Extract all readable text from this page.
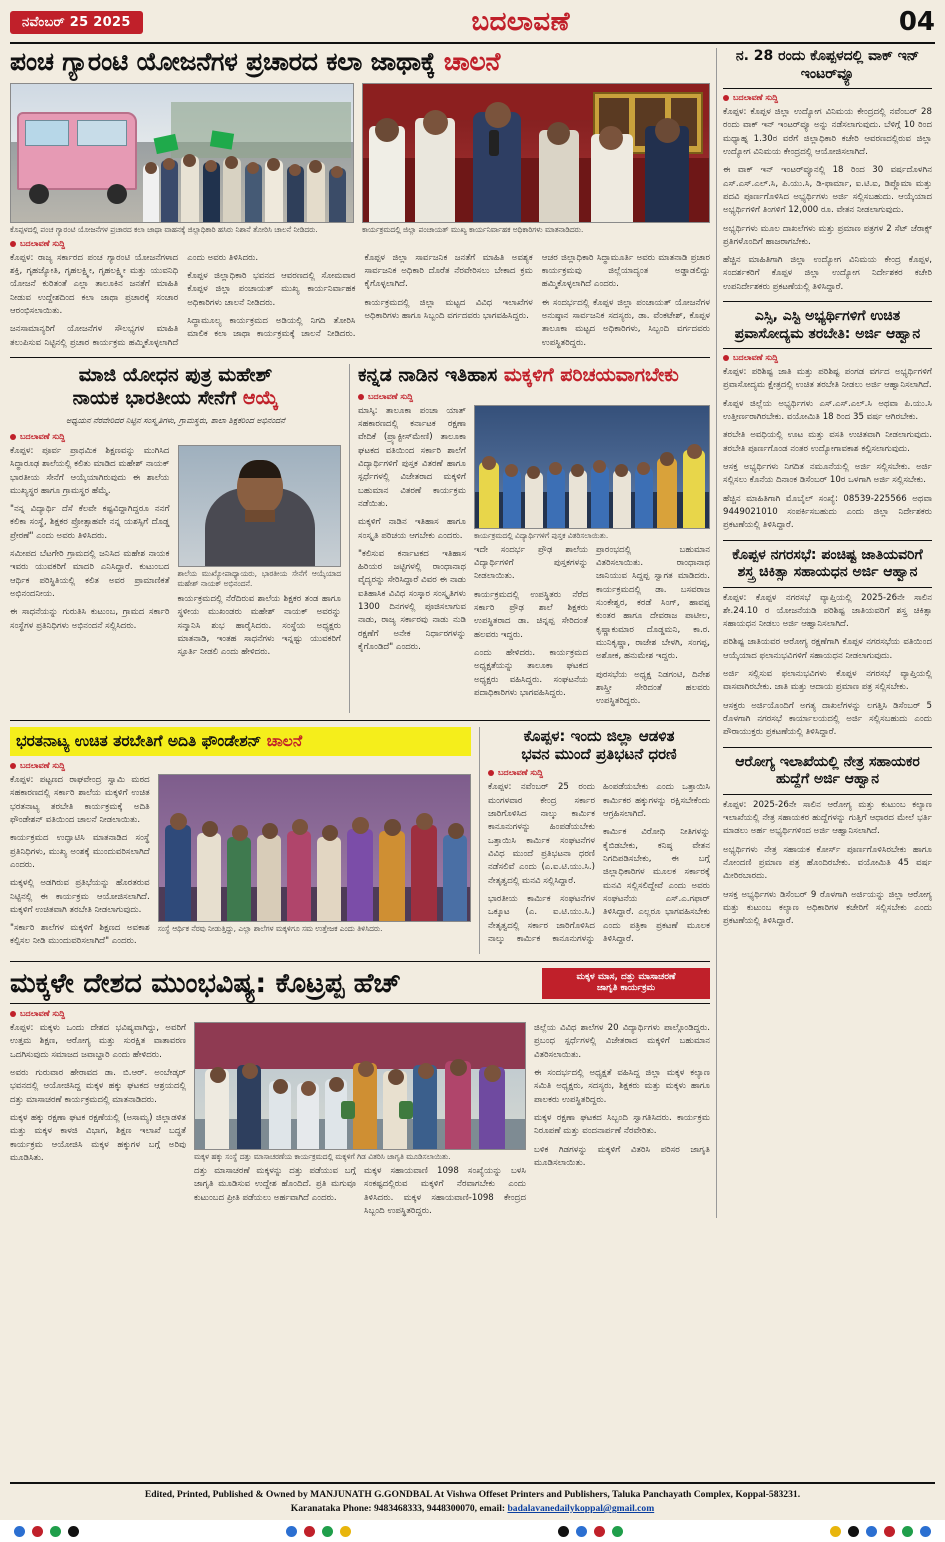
ನವೆಂಬರ್ 25 2025	ಬದಲಾವಣೆ	04
ಪಂಚ ಗ್ಯಾರಂಟಿ ಯೋಜನೆಗಳ ಪ್ರಚಾರದ ಕಲಾ ಜಾಥಾಕ್ಕೆ ಚಾಲನೆ

ಕೊಪ್ಪಳದಲ್ಲಿ ಪಂಚ ಗ್ಯಾರಂಟಿ ಯೋಜನೆಗಳ ಪ್ರಚಾರದ ಕಲಾ ಜಾಥಾ ವಾಹನಕ್ಕೆ ಜಿಲ್ಲಾಧಿಕಾರಿ ಹಸಿರು ನಿಶಾನೆ ತೋರಿಸಿ ಚಾಲನೆ ನೀಡಿದರು.	ಕಾರ್ಯಕ್ರಮದಲ್ಲಿ ಜಿಲ್ಲಾ ಪಂಚಾಯತ್ ಮುಖ್ಯ ಕಾರ್ಯನಿರ್ವಾಹಕ ಅಧಿಕಾರಿಗಳು ಮಾತನಾಡಿದರು.

ಬದಲಾವಣೆ ಸುದ್ದಿ

ಕೊಪ್ಪಳ: ರಾಜ್ಯ ಸರ್ಕಾರದ ಪಂಚ ಗ್ಯಾರಂಟಿ ಯೋಜನೆಗಳಾದ ಶಕ್ತಿ, ಗೃಹಜ್ಯೋತಿ, ಗೃಹಲಕ್ಷ್ಮೀ, ಗೃಹಲಕ್ಷ್ಮೀ ಮತ್ತು ಯುವನಿಧಿ ಯೋಜನೆ ಕುರಿತಂತೆ ಎಲ್ಲಾ ತಾಲೂಕಿನ ಜನತೆಗೆ ಮಾಹಿತಿ ನೀಡುವ ಉದ್ದೇಶದಿಂದ ಕಲಾ ಜಾಥಾ ಪ್ರಚಾರಕ್ಕೆ ಸಂಚಾರ ಆರಂಭಿಸಲಾಯಿತು.

ಜನಸಾಮಾನ್ಯರಿಗೆ ಯೋಜನೆಗಳ ಸೌಲಭ್ಯಗಳ ಮಾಹಿತಿ ತಲುಪಿಸುವ ನಿಟ್ಟಿನಲ್ಲಿ ಪ್ರಚಾರ ಕಾರ್ಯಕ್ರಮ ಹಮ್ಮಿಕೊಳ್ಳಲಾಗಿದೆ ಎಂದು ಅವರು ತಿಳಿಸಿದರು.

ಕೊಪ್ಪಳ ಜಿಲ್ಲಾಧಿಕಾರಿ ಭವನದ ಆವರಣದಲ್ಲಿ ಸೋಮವಾರ ಕೊಪ್ಪಳ ಜಿಲ್ಲಾ ಪಂಚಾಯತ್ ಮುಖ್ಯ ಕಾರ್ಯನಿರ್ವಾಹಕ ಅಧಿಕಾರಿಗಳು ಚಾಲನೆ ನೀಡಿದರು.

ಸಿದ್ಧಾಮೂಲ್ಯ ಕಾರ್ಯಕ್ರಮದ ಅಡಿಯಲ್ಲಿ ನಿಗದಿ ತೋರಿಸಿ ಮಾಲಿಕ ಕಲಾ ಜಾಥಾ ಕಾರ್ಯಕ್ರಮಕ್ಕೆ ಚಾಲನೆ ನೀಡಿದರು. ಕೊಪ್ಪಳ ಜಿಲ್ಲಾ ಸಾರ್ವಜನಿಕ ಜನತೆಗೆ ಮಾಹಿತಿ ಅವಶ್ಯಕ ಸಾರ್ವಜನಿಕ ಅಧಿಕಾರಿ ದೊರೆತ ನೆರವೇರಿಸಲು ಬೇಕಾದ ಕ್ರಮ ಕೈಗೊಳ್ಳಲಾಗಿದೆ.

ಕಾರ್ಯಕ್ರಮದಲ್ಲಿ ಜಿಲ್ಲಾ ಮಟ್ಟದ ವಿವಿಧ ಇಲಾಖೆಗಳ ಅಧಿಕಾರಿಗಳು ಹಾಗೂ ಸಿಬ್ಬಂದಿ ವರ್ಗದವರು ಭಾಗವಹಿಸಿದ್ದರು.

ಆಚರ ಜಿಲ್ಲಾಧಿಕಾರಿ ಸಿದ್ಧಾಮೂರ್ತಿ ಅವರು ಮಾತನಾಡಿ ಪ್ರಚಾರ ಕಾರ್ಯಕ್ರಮವು ಜಿಲ್ಲೆಯಾದ್ಯಂತ ಅಡ್ಡಾಡಲಿದ್ದು ಹಮ್ಮಿಕೊಳ್ಳಲಾಗಿದೆ ಎಂದರು.

ಈ ಸಂದರ್ಭದಲ್ಲಿ ಕೊಪ್ಪಳ ಜಿಲ್ಲಾ ಪಂಚಾಯತ್ ಯೋಜನೆಗಳ ಅನುಷ್ಠಾನ ಸಾರ್ವಜನಿಕ ಸದಸ್ಯರು, ಡಾ. ವೆಂಕಟೇಶ್, ಕೊಪ್ಪಳ ತಾಲೂಕಾ ಮಟ್ಟದ ಅಧಿಕಾರಿಗಳು, ಸಿಬ್ಬಂದಿ ವರ್ಗದವರು ಉಪಸ್ಥಿತರಿದ್ದರು.

ಮಾಜಿ ಯೋಧನ ಪುತ್ರ ಮಹೇಶ್
ನಾಯಕ ಭಾರತೀಯ ಸೇನೆಗೆ ಆಯ್ಕೆ

ಅಧ್ಯಯನ ನೆರವೇರಿದರ ನಿಟ್ಟಿನ ಸಂಸ್ಕೃತಿಗಳು, ಗ್ರಾಮಸ್ಥರು, ಶಾಲಾ ಶಿಕ್ಷಕರಿಂದ ಅಭಿನಂದನೆ

ಬದಲಾವಣೆ ಸುದ್ದಿ

ಕೊಪ್ಪಳ: ಪೂರ್ವ ಪ್ರಾಥಮಿಕ ಶಿಕ್ಷಣವನ್ನು ಮುಗಿಸಿದ ಸಿದ್ಧಾರೂಢ ಶಾಲೆಯಲ್ಲಿ ಕಲಿತು ಮಾಡಿದ ಮಹೇಶ್ ನಾಯಕ್ ಭಾರತೀಯ ಸೇನೆಗೆ ಆಯ್ಕೆಯಾಗಿರುವುದು ಈ ಶಾಲೆಯ ಮುಖ್ಯಸ್ಥರ ಹಾಗೂ ಗ್ರಾಮಸ್ಥರ ಹೆಮ್ಮೆ.

"ನನ್ನ ವಿದ್ಯಾರ್ಥಿ ದೆಸೆ ಕೆಲವೇ ಕಷ್ಟವಿದ್ದಾಗಿದ್ದರೂ ನನಗೆ ಕಲಿಕಾ ಸಂಸ್ಥೆ, ಶಿಕ್ಷಕರ ಪ್ರೋತ್ಸಾಹವೇ ನನ್ನ ಯಶಸ್ಸಿಗೆ ದೊಡ್ಡ ಪ್ರೇರಣೆ" ಎಂದು ಅವರು ತಿಳಿಸಿದರು.

ಸಮೀಪದ ಬೆಟಗೇರಿ ಗ್ರಾಮದಲ್ಲಿ ಜನಿಸಿದ ಮಹೇಶ ನಾಯಕ ಇವರು ಯುವಕರಿಗೆ ಮಾದರಿ ಎನಿಸಿದ್ದಾರೆ. ಕುಟುಂಬದ ಆರ್ಥಿಕ ಪರಿಸ್ಥಿತಿಯಲ್ಲಿ ಕಲಿತ ಅವರ ಪ್ರಾಮಾಣಿಕತೆ ಅಭಿನಂದನೀಯ.

ಈ ಸಾಧನೆಯನ್ನು ಗುರುತಿಸಿ ಕುಟುಂಬ, ಗ್ರಾಮದ ಸರ್ಕಾರಿ ಸಂಸ್ಥೆಗಳ ಪ್ರತಿನಿಧಿಗಳು ಅಭಿನಂದನೆ ಸಲ್ಲಿಸಿದರು.

ಶಾಲೆಯ ಮುಖ್ಯೋಪಾಧ್ಯಾಯರು, ಭಾರತೀಯ ಸೇನೆಗೆ ಆಯ್ಕೆಯಾದ ಮಹೇಶ್ ನಾಯಕ್ ಅಭಿನಂದನೆ.

ಕಾರ್ಯಕ್ರಮದಲ್ಲಿ ನೆರೆದಿರುವ ಶಾಲೆಯ ಶಿಕ್ಷಕರ ತಂಡ ಹಾಗೂ ಸ್ಥಳೀಯ ಮುಖಂಡರು ಮಹೇಶ್ ನಾಯಕ್ ಅವರನ್ನು ಸನ್ಮಾನಿಸಿ ಶುಭ ಹಾರೈಸಿದರು. ಸಂಸ್ಥೆಯ ಅಧ್ಯಕ್ಷರು ಮಾತನಾಡಿ, ಇಂತಹ ಸಾಧನೆಗಳು ಇನ್ನಷ್ಟು ಯುವಕರಿಗೆ ಸ್ಫೂರ್ತಿ ನೀಡಲಿ ಎಂದು ಹೇಳಿದರು.

ಕನ್ನಡ ನಾಡಿನ ಇತಿಹಾಸ ಮಕ್ಕಳಿಗೆ ಪರಿಚಯವಾಗಬೇಕು
ಬದಲಾವಣೆ ಸುದ್ದಿ

ಮಾಸ್ಕಿ: ತಾಲೂಕಾ ಪಂಚಾ ಯಾತ್ ಸಹಕಾರಣದಲ್ಲಿ ಕರ್ನಾಟಕ ರಕ್ಷಣಾ ವೇದಿಕೆ (ಪ್ರ್ಯಾಕ್ಟೀಸ್‌ಮೇಣಿ) ತಾಲೂಕಾ ಘಟಕದ ವತಿಯಿಂದ ಸರ್ಕಾರಿ ಶಾಲೆಗೆ ವಿದ್ಯಾರ್ಥಿಗಳಿಗೆ ಪುಸ್ತಕ ವಿತರಣೆ ಹಾಗೂ ಸ್ಪರ್ಧೆಗಳಲ್ಲಿ ವಿಜೇತರಾದ ಮಕ್ಕಳಿಗೆ ಬಹುಮಾನ ವಿತರಣೆ ಕಾರ್ಯಕ್ರಮ ನಡೆಯಿತು.

ಮಕ್ಕಳಿಗೆ ನಾಡಿನ ಇತಿಹಾಸ ಹಾಗೂ ಸಂಸ್ಕೃತಿ ಪರಿಚಯ ಆಗಬೇಕು ಎಂದರು.

"ಕಲಿಸುವ ಕರ್ನಾಟಕದ ಇತಿಹಾಸ ಹಿರಿಯರ ಜಟ್ಟಿಗಳಲ್ಲಿ ರಾಂಧಾನಾಥ ವೈದ್ಯರನ್ನು ಸೇರಿಸಿದ್ದಾರೆ ವಿವರ ಈ ನಾಡು ಐತಿಹಾಸಿಕ ವಿವಿಧ ಸಂಸ್ಕಾರ ಸಂಸ್ಕೃತಿಗಳು 1300 ದಿನಗಳಲ್ಲಿ ಪೂಜಿಸಲಾಗುವ ನಾಡು, ರಾಜ್ಯ ಸರ್ಕಾರವು ನಾಡು ನುಡಿ ರಕ್ಷಣೆಗೆ ಅನೇಕ ನಿರ್ಧಾರಗಳನ್ನು ಕೈಗೊಂಡಿದೆ" ಎಂದರು.

ಕಾರ್ಯಕ್ರಮದಲ್ಲಿ ವಿದ್ಯಾರ್ಥಿಗಳಿಗೆ ಪುಸ್ತಕ ವಿತರಿಸಲಾಯಿತು.

ಇದೇ ಸಂದರ್ಭ ಪ್ರೌಢ ಶಾಲೆಯ ವಿದ್ಯಾರ್ಥಿಗಳಿಗೆ ಪುಸ್ತಕಗಳನ್ನು ನೀಡಲಾಯಿತು.

ಕಾರ್ಯಕ್ರಮದಲ್ಲಿ ಉಪಸ್ಥಿತರು ನೆರೆದ ಸರ್ಕಾರಿ ಪ್ರೌಢ ಶಾಲೆ ಶಿಕ್ಷಕರು ಉಪಸ್ಥಿತರಾದ ಡಾ. ಚಿನ್ನಪ್ಪ ಸೇರಿದಂತೆ ಹಲವರು ಇದ್ದರು.

ಎಂದು ಹೇಳಿದರು. ಕಾರ್ಯಕ್ರಮದ ಅಧ್ಯಕ್ಷತೆಯನ್ನು ತಾಲೂಕಾ ಘಟಕದ ಅಧ್ಯಕ್ಷರು ವಹಿಸಿದ್ದರು. ಸಂಘಟನೆಯ ಪದಾಧಿಕಾರಿಗಳು ಭಾಗವಹಿಸಿದ್ದರು.

ಪ್ರಾರಂಭದಲ್ಲಿ ಬಹುಮಾನ ವಿತರಿಸಲಾಯಿತು. ರಾಂಧಾನಾಥ ಜಾನಿಯುವ ಸಿದ್ದಪ್ಪ ಸ್ವಾಗತ ಮಾಡಿದರು. ಕಾರ್ಯಕ್ರಮದಲ್ಲಿ ಡಾ. ಬಸವರಾಜ ಸುಂಕೇಶ್ವರ, ಕರಡೆ ಸಿಂಗ್, ಹಾವಪ್ಪ ಕುಂತರ ಹಾಗೂ ದೇವರಾಜ ಪಾಟೀಲ, ಕೃಷ್ಣಾಕುಮಾರ ದೊಡ್ಡಮನಿ, ಕಾ.ರ. ಮುನಿಕೃಷ್ಣಾ, ರಾಜೇಶ ಬೇಳಗಿ, ಸಂಗಪ್ಪ, ಅಶೋಕ, ಹನುಮೇಶ ಇದ್ದರು.

ಪುರಸಭೆಯ ಅಧ್ಯಕ್ಷ ನಿಡಗಂಟಿ, ದಿನೇಶ ಶಾಸ್ತ್ರೀ ಸೇರಿದಂತೆ ಹಲವರು ಉಪಸ್ಥಿತರಿದ್ದರು.

ಭರತನಾಟ್ಯ ಉಚಿತ ತರಬೇತಿಗೆ ಅದಿತಿ ಫೌಂಡೇಶನ್ ಚಾಲನೆ
ಬದಲಾವಣೆ ಸುದ್ದಿ

ಕೊಪ್ಪಳ: ಪಟ್ಟಣದ ರಾಘವೇಂದ್ರ ಸ್ವಾಮಿ ಮಠದ ಸಹಕಾರಣದಲ್ಲಿ ಸರ್ಕಾರಿ ಶಾಲೆಯ ಮಕ್ಕಳಿಗೆ ಉಚಿತ ಭರತನಾಟ್ಯ ತರಬೇತಿ ಕಾರ್ಯಕ್ರಮಕ್ಕೆ ಅದಿತಿ ಫೌಂಡೇಶನ್ ವತಿಯಿಂದ ಚಾಲನೆ ನೀಡಲಾಯಿತು.

ಕಾರ್ಯಕ್ರಮದ ಉದ್ಘಾಟಿಸಿ ಮಾತನಾಡಿದ ಸಂಸ್ಥೆ ಪ್ರತಿನಿಧಿಗಳು, ಮುಖ್ಯ ಅಂಶಕ್ಕೆ ಮುಂದುವರಿಸಲಾಗಿದೆ ಎಂದರು.

ಮಕ್ಕಳಲ್ಲಿ ಅಡಗಿರುವ ಪ್ರತಿಭೆಯನ್ನು ಹೊರತರುವ ನಿಟ್ಟಿನಲ್ಲಿ ಈ ಕಾರ್ಯಕ್ರಮ ಆಯೋಜಿಸಲಾಗಿದೆ. ಮಕ್ಕಳಿಗೆ ಉಚಿತವಾಗಿ ತರಬೇತಿ ನೀಡಲಾಗುವುದು.

"ಸರ್ಕಾರಿ ಶಾಲೆಗಳ ಮಕ್ಕಳಿಗೆ ಶಿಕ್ಷಣದ ಅವಕಾಶ ಕಲ್ಪಿಸಲ ನೀಡಿ ಮುಂದುವರಿಸಲಾಗಿದೆ" ಎಂದರು.

ಸಂಸ್ಥೆ ಆರ್ಥಿಕ ನೆರವು ನೀಡುತ್ತಿದ್ದು, ಎಲ್ಲಾ ಶಾಲೆಗಳ ಮಕ್ಕಳಿಗೂ ಸಮ ಉತ್ತೇಜಕ ಎಂದು ತಿಳಿಸಿದರು.

ಕೊಪ್ಪಳ: ಇಂದು ಜಿಲ್ಲಾ ಆಡಳಿತ
ಭವನ ಮುಂದೆ ಪ್ರತಿಭಟನೆ ಧರಣಿ
ಬದಲಾವಣೆ ಸುದ್ದಿ

ಕೊಪ್ಪಳ: ನವೆಂಬರ್ 25 ರಂದು ಮಂಗಳವಾರ ಕೇಂದ್ರ ಸರ್ಕಾರ ಜಾರಿಗೊಳಿಸಿದ ನಾಲ್ಕು ಕಾರ್ಮಿಕ ಕಾನೂನುಗಳನ್ನು ಹಿಂಪಡೆಯಬೇಕು ಒತ್ತಾಯಿಸಿ ಕಾರ್ಮಿಕ ಸಂಘಟನೆಗಳ ವಿವಿಧ ಮುಂದೆ ಪ್ರತಿಭಟನಾ ಧರಣಿ ನಡೆಸಲಿವೆ ಎಂದು (ಎ.ಐ.ಟಿ.ಯು.ಸಿ.) ನೇತೃತ್ವದಲ್ಲಿ ಮನವಿ ಸಲ್ಲಿಸಿದ್ದಾರೆ.

ಭಾರತೀಯ ಕಾರ್ಮಿಕ ಸಂಘಟನೆಗಳ ಒಕ್ಕೂಟ (ಎ. ಐ.ಟಿ.ಯು.ಸಿ.) ನೇತೃತ್ವದಲ್ಲಿ ಸರ್ಕಾರ ಜಾರಿಗೊಳಿಸಿದ ನಾಲ್ಕು ಕಾರ್ಮಿಕ ಕಾನೂನುಗಳನ್ನು ಹಿಂಪಡೆಯಬೇಕು ಎಂದು ಒತ್ತಾಯಿಸಿ ಕಾರ್ಮಿಕರ ಹಕ್ಕುಗಳನ್ನು ರಕ್ಷಿಸಬೇಕೆಂದು ಆಗ್ರಹಿಸಲಾಗಿದೆ.

ಕಾರ್ಮಿಕ ವಿರೋಧಿ ನೀತಿಗಳನ್ನು ಕೈಬಿಡಬೇಕು, ಕನಿಷ್ಠ ವೇತನ ನಿಗದಿಪಡಿಸಬೇಕು, ಈ ಬಗ್ಗೆ ಜಿಲ್ಲಾಧಿಕಾರಿಗಳ ಮೂಲಕ ಸರ್ಕಾರಕ್ಕೆ ಮನವಿ ಸಲ್ಲಿಸಲಿದ್ದೇವೆ ಎಂದು ಅವರು ಸಂಘಟನೆಯ ಎಸ್.ಎ.ಗಫಾರ್ ತಿಳಿಸಿದ್ದಾರೆ. ಎಲ್ಲರೂ ಭಾಗವಹಿಸಬೇಕು ಎಂದು ಪತ್ರಿಕಾ ಪ್ರಕಟಣೆ ಮೂಲಕ ತಿಳಿಸಿದ್ದಾರೆ.

ಮಕ್ಕಳೇ ದೇಶದ ಮುಂಭವಿಷ್ಯ: ಕೊಟ್ರಪ್ಪ ಹೆಚ್	ಮಕ್ಕಳ ಮಾಸ, ದತ್ತು ಮಾಸಾಚರಣೆ
ಜಾಗೃತಿ ಕಾರ್ಯಕ್ರಮ
ಬದಲಾವಣೆ ಸುದ್ದಿ

ಕೊಪ್ಪಳ: ಮಕ್ಕಳು ಒಂದು ದೇಶದ ಭವಿಷ್ಯವಾಗಿದ್ದು, ಅವರಿಗೆ ಉತ್ತಮ ಶಿಕ್ಷಣ, ಆರೋಗ್ಯ ಮತ್ತು ಸುರಕ್ಷಿತ ವಾತಾವರಣ ಒದಗಿಸುವುದು ಸಮಾಜದ ಜವಾಬ್ದಾರಿ ಎಂದು ಹೇಳಿದರು.

ಅವರು ಗುರುವಾರ ಹೇರಾವದ ಡಾ. ಬಿ.ಆರ್. ಅಂಬೇಡ್ಕರ್ ಭವನದಲ್ಲಿ ಆಯೋಜಿಸಿದ್ದ ಮಕ್ಕಳ ಹಕ್ಕು ಘಟಕದ ಆಶ್ರಯದಲ್ಲಿ ದತ್ತು ಮಾಸಾಚರಣೆ ಕಾರ್ಯಕ್ರಮದಲ್ಲಿ ಮಾತನಾಡಿದರು.

ಮಕ್ಕಳ ಹಕ್ಕು ರಕ್ಷಣಾ ಘಟಕ ರಕ್ಷಣೆಯಲ್ಲಿ (ಅಸಾಮ್ಯ) ಜಿಲ್ಲಾಡಳಿತ ಮತ್ತು ಮಕ್ಕಳ ಕಾಳಜಿ ವಿಭಾಗ, ಶಿಕ್ಷಣ ಇಲಾಖೆ ಬದ್ಧತೆ ಕಾರ್ಯಕ್ರಮ ಆಯೋಜಿಸಿ ಮಕ್ಕಳ ಹಕ್ಕುಗಳ ಬಗ್ಗೆ ಅರಿವು ಮೂಡಿಸಿತು.	ಮಕ್ಕಳ ಹಕ್ಕು ಸಂಸ್ಥೆ ದತ್ತು ಮಾಸಾಚರಣೆಯ ಕಾರ್ಯಕ್ರಮದಲ್ಲಿ ಮಕ್ಕಳಿಗೆ ಗಿಡ ವಿತರಿಸಿ ಜಾಗೃತಿ ಮೂಡಿಸಲಾಯಿತು.

ದತ್ತು ಮಾಸಾಚರಣೆ ಮಕ್ಕಳನ್ನು ದತ್ತು ಪಡೆಯುವ ಬಗ್ಗೆ ಜಾಗೃತಿ ಮೂಡಿಸುವ ಉದ್ದೇಶ ಹೊಂದಿದೆ. ಪ್ರತಿ ಮಗುವೂ ಕುಟುಂಬದ ಪ್ರೀತಿ ಪಡೆಯಲು ಅರ್ಹವಾಗಿದೆ ಎಂದರು.

ಮಕ್ಕಳ ಸಹಾಯವಾಣಿ 1098 ಸಂಖ್ಯೆಯನ್ನು ಬಳಸಿ ಸಂಕಷ್ಟದಲ್ಲಿರುವ ಮಕ್ಕಳಿಗೆ ನೆರವಾಗಬೇಕು ಎಂದು ತಿಳಿಸಿದರು. ಮಕ್ಕಳ ಸಹಾಯವಾಣಿ-1098 ಕೇಂದ್ರದ ಸಿಬ್ಬಂದಿ ಉಪಸ್ಥಿತರಿದ್ದರು.

ಜಿಲ್ಲೆಯ ವಿವಿಧ ಶಾಲೆಗಳ 20 ವಿದ್ಯಾರ್ಥಿಗಳು ಪಾಲ್ಗೊಂಡಿದ್ದರು. ಪ್ರಬಂಧ ಸ್ಪರ್ಧೆಗಳಲ್ಲಿ ವಿಜೇತರಾದ ಮಕ್ಕಳಿಗೆ ಬಹುಮಾನ ವಿತರಿಸಲಾಯಿತು.

ಈ ಸಂದರ್ಭದಲ್ಲಿ ಅಧ್ಯಕ್ಷತೆ ವಹಿಸಿದ್ದ ಜಿಲ್ಲಾ ಮಕ್ಕಳ ಕಲ್ಯಾಣ ಸಮಿತಿ ಅಧ್ಯಕ್ಷರು, ಸದಸ್ಯರು, ಶಿಕ್ಷಕರು ಮತ್ತು ಮಕ್ಕಳು ಹಾಗೂ ಪಾಲಕರು ಉಪಸ್ಥಿತರಿದ್ದರು.

ಮಕ್ಕಳ ರಕ್ಷಣಾ ಘಟಕದ ಸಿಬ್ಬಂದಿ ಸ್ವಾಗತಿಸಿದರು. ಕಾರ್ಯಕ್ರಮ ನಿರೂಪಣೆ ಮತ್ತು ವಂದನಾರ್ಪಣೆ ನೆರವೇರಿತು.

ಬಳಿಕ ಗಿಡಗಳನ್ನು ಮಕ್ಕಳಿಗೆ ವಿತರಿಸಿ ಪರಿಸರ ಜಾಗೃತಿ ಮೂಡಿಸಲಾಯಿತು.

ನ. 28 ರಂದು ಕೊಪ್ಪಳದಲ್ಲಿ ವಾಕ್ ಇನ್ ಇಂಟರ್‌ವ್ಯೂ
ಬದಲಾವಣೆ ಸುದ್ದಿ

ಕೊಪ್ಪಳ: ಕೊಪ್ಪಳ ಜಿಲ್ಲಾ ಉದ್ಯೋಗ ವಿನಿಮಯ ಕೇಂದ್ರದಲ್ಲಿ ನವೆಂಬರ್ 28 ರಂದು ವಾಕ್ ಇನ್ ಇಂಟರ್‌ವ್ಯೂ ಅನ್ನು ನಡೆಸಲಾಗುವುದು. ಬೆಳಿಗ್ಗೆ 10 ರಿಂದ ಮಧ್ಯಾಹ್ನ 1.30ರ ವರೆಗೆ ಜಿಲ್ಲಾಧಿಕಾರಿ ಕಚೇರಿ ಆವರಣದಲ್ಲಿರುವ ಜಿಲ್ಲಾ ಉದ್ಯೋಗ ವಿನಿಮಯ ಕೇಂದ್ರದಲ್ಲಿ ಆಯೋಜಿಸಲಾಗಿದೆ.

ಈ ವಾಕ್ ಇನ್ ಇಂಟರ್‌ವ್ಯೂನಲ್ಲಿ 18 ರಿಂದ 30 ವರ್ಷದೊಳಗಿನ ಎಸ್.ಎಸ್.ಎಲ್.ಸಿ, ಪಿ.ಯು.ಸಿ, ಡಿ-ಫಾರ್ಮಾ, ಐ.ಟಿ.ಐ, ಡಿಪ್ಲೊಮಾ ಮತ್ತು ಪದವಿ ಪೂರ್ಣಗೊಳಿಸಿದ ಅಭ್ಯರ್ಥಿಗಳು ಅರ್ಜಿ ಸಲ್ಲಿಸಬಹುದು. ಆಯ್ಕೆಯಾದ ಅಭ್ಯರ್ಥಿಗಳಿಗೆ ತಿಂಗಳಿಗೆ 12,000 ರೂ. ವೇತನ ನೀಡಲಾಗುವುದು.

ಅಭ್ಯರ್ಥಿಗಳು ಮೂಲ ದಾಖಲೆಗಳು ಮತ್ತು ಪ್ರಮಾಣ ಪತ್ರಗಳ 2 ಸೆಟ್ ಜೆರಾಕ್ಸ್ ಪ್ರತಿಗಳೊಂದಿಗೆ ಹಾಜರಾಗಬೇಕು.

ಹೆಚ್ಚಿನ ಮಾಹಿತಿಗಾಗಿ ಜಿಲ್ಲಾ ಉದ್ಯೋಗ ವಿನಿಮಯ ಕೇಂದ್ರ ಕೊಪ್ಪಳ, ಸಂದರ್ಶಕರಿಗೆ ಕೊಪ್ಪಳ ಜಿಲ್ಲಾ ಉದ್ಯೋಗ ನಿರ್ದೇಶಕರ ಕಚೇರಿ ಉಪನಿರ್ದೇಶಕರು ಪ್ರಕಟಣೆಯಲ್ಲಿ ತಿಳಿಸಿದ್ದಾರೆ.

ಎಸ್ಸಿ, ಎಸ್ಟಿ ಅಭ್ಯರ್ಥಿಗಳಿಗೆ ಉಚಿತ ಪ್ರವಾಸೋದ್ಯಮ ತರಬೇತಿ: ಅರ್ಜಿ ಆಹ್ವಾನ
ಬದಲಾವಣೆ ಸುದ್ದಿ

ಕೊಪ್ಪಳ: ಪರಿಶಿಷ್ಟ ಜಾತಿ ಮತ್ತು ಪರಿಶಿಷ್ಟ ಪಂಗಡ ವರ್ಗದ ಅಭ್ಯರ್ಥಿಗಳಿಗೆ ಪ್ರವಾಸೋದ್ಯಮ ಕ್ಷೇತ್ರದಲ್ಲಿ ಉಚಿತ ತರಬೇತಿ ನೀಡಲು ಅರ್ಜಿ ಆಹ್ವಾನಿಸಲಾಗಿದೆ.

ಕೊಪ್ಪಳ ಜಿಲ್ಲೆಯ ಅಭ್ಯರ್ಥಿಗಳು ಎಸ್.ಎಸ್.ಎಲ್.ಸಿ ಅಥವಾ ಪಿ.ಯು.ಸಿ ಉತ್ತೀರ್ಣರಾಗಿರಬೇಕು. ವಯೋಮಿತಿ 18 ರಿಂದ 35 ವರ್ಷ ಆಗಿರಬೇಕು.

ತರಬೇತಿ ಅವಧಿಯಲ್ಲಿ ಊಟ ಮತ್ತು ವಸತಿ ಉಚಿತವಾಗಿ ನೀಡಲಾಗುವುದು. ತರಬೇತಿ ಪೂರ್ಣಗೊಂಡ ನಂತರ ಉದ್ಯೋಗಾವಕಾಶ ಕಲ್ಪಿಸಲಾಗುವುದು.

ಆಸಕ್ತ ಅಭ್ಯರ್ಥಿಗಳು ನಿಗದಿತ ನಮೂನೆಯಲ್ಲಿ ಅರ್ಜಿ ಸಲ್ಲಿಸಬೇಕು. ಅರ್ಜಿ ಸಲ್ಲಿಸಲು ಕೊನೆಯ ದಿನಾಂಕ ಡಿಸೆಂಬರ್ 10ರ ಒಳಗಾಗಿ ಅರ್ಜಿ ಸಲ್ಲಿಸಬೇಕು.

ಹೆಚ್ಚಿನ ಮಾಹಿತಿಗಾಗಿ ಮೊಬೈಲ್ ಸಂಖ್ಯೆ: 08539-225566 ಅಥವಾ 9449021010 ಸಂಪರ್ಕಿಸಬಹುದು ಎಂದು ಜಿಲ್ಲಾ ನಿರ್ದೇಶಕರು ಪ್ರಕಟಣೆಯಲ್ಲಿ ತಿಳಿಸಿದ್ದಾರೆ.

ಕೊಪ್ಪಳ ನಗರಸಭೆ: ಪಂಚಿಷ್ಟ ಜಾತಿಯವರಿಗೆ ಶಸ್ತ್ರ ಚಿಕಿತ್ಸಾ ಸಹಾಯಧನ ಅರ್ಜಿ ಆಹ್ವಾನ

ಕೊಪ್ಪಳ: ಕೊಪ್ಪಳ ನಗರಸಭೆ ವ್ಯಾಪ್ತಿಯಲ್ಲಿ 2025-26ನೇ ಸಾಲಿನ ಶೇ.24.10 ರ ಯೋಜನೆಯಡಿ ಪರಿಶಿಷ್ಟ ಜಾತಿಯವರಿಗೆ ಶಸ್ತ್ರ ಚಿಕಿತ್ಸಾ ಸಹಾಯಧನ ನೀಡಲು ಅರ್ಜಿ ಆಹ್ವಾನಿಸಲಾಗಿದೆ.

ಪರಿಶಿಷ್ಟ ಜಾತಿಯವರ ಆರೋಗ್ಯ ರಕ್ಷಣೆಗಾಗಿ ಕೊಪ್ಪಳ ನಗರಸಭೆಯ ವತಿಯಿಂದ ಆಯ್ಕೆಯಾದ ಫಲಾನುಭವಿಗಳಿಗೆ ಸಹಾಯಧನ ನೀಡಲಾಗುವುದು.

ಅರ್ಜಿ ಸಲ್ಲಿಸುವ ಫಲಾನುಭವಿಗಳು ಕೊಪ್ಪಳ ನಗರಸಭೆ ವ್ಯಾಪ್ತಿಯಲ್ಲಿ ವಾಸವಾಗಿರಬೇಕು. ಜಾತಿ ಮತ್ತು ಆದಾಯ ಪ್ರಮಾಣ ಪತ್ರ ಸಲ್ಲಿಸಬೇಕು.

ಆಸಕ್ತರು ಅರ್ಜಿಯೊಂದಿಗೆ ಅಗತ್ಯ ದಾಖಲೆಗಳನ್ನು ಲಗತ್ತಿಸಿ ಡಿಸೆಂಬರ್ 5 ರೊಳಗಾಗಿ ನಗರಸಭೆ ಕಾರ್ಯಾಲಯದಲ್ಲಿ ಅರ್ಜಿ ಸಲ್ಲಿಸಬಹುದು ಎಂದು ಪೌರಾಯುಕ್ತರು ಪ್ರಕಟಣೆಯಲ್ಲಿ ತಿಳಿಸಿದ್ದಾರೆ.

ಆರೋಗ್ಯ ಇಲಾಖೆಯಲ್ಲಿ ನೇತ್ರ ಸಹಾಯಕರ ಹುದ್ದೆಗೆ ಅರ್ಜಿ ಆಹ್ವಾನ

ಕೊಪ್ಪಳ: 2025-26ನೇ ಸಾಲಿನ ಆರೋಗ್ಯ ಮತ್ತು ಕುಟುಂಬ ಕಲ್ಯಾಣ ಇಲಾಖೆಯಲ್ಲಿ ನೇತ್ರ ಸಹಾಯಕರ ಹುದ್ದೆಗಳನ್ನು ಗುತ್ತಿಗೆ ಆಧಾರದ ಮೇಲೆ ಭರ್ತಿ ಮಾಡಲು ಅರ್ಹ ಅಭ್ಯರ್ಥಿಗಳಿಂದ ಅರ್ಜಿ ಆಹ್ವಾನಿಸಲಾಗಿದೆ.

ಅಭ್ಯರ್ಥಿಗಳು ನೇತ್ರ ಸಹಾಯಕ ಕೋರ್ಸ್ ಪೂರ್ಣಗೊಳಿಸಿರಬೇಕು ಹಾಗೂ ನೋಂದಣಿ ಪ್ರಮಾಣ ಪತ್ರ ಹೊಂದಿರಬೇಕು. ವಯೋಮಿತಿ 45 ವರ್ಷ ಮೀರಿರಬಾರದು.

ಆಸಕ್ತ ಅಭ್ಯರ್ಥಿಗಳು ಡಿಸೆಂಬರ್ 9 ರೊಳಗಾಗಿ ಅರ್ಜಿಯನ್ನು ಜಿಲ್ಲಾ ಆರೋಗ್ಯ ಮತ್ತು ಕುಟುಂಬ ಕಲ್ಯಾಣ ಅಧಿಕಾರಿಗಳ ಕಚೇರಿಗೆ ಸಲ್ಲಿಸಬೇಕು ಎಂದು ಪ್ರಕಟಣೆಯಲ್ಲಿ ತಿಳಿಸಿದ್ದಾರೆ.

Edited, Printed, Published & Owned by MANJUNATH G.GONDBAL At Vishwa Offeset Printers and Publishers, Taluka Panchayath Complex, Koppal-583231.
Karanataka Phone: 9483468333, 9448300070, email: badalavanedailykoppal@gmail.com
